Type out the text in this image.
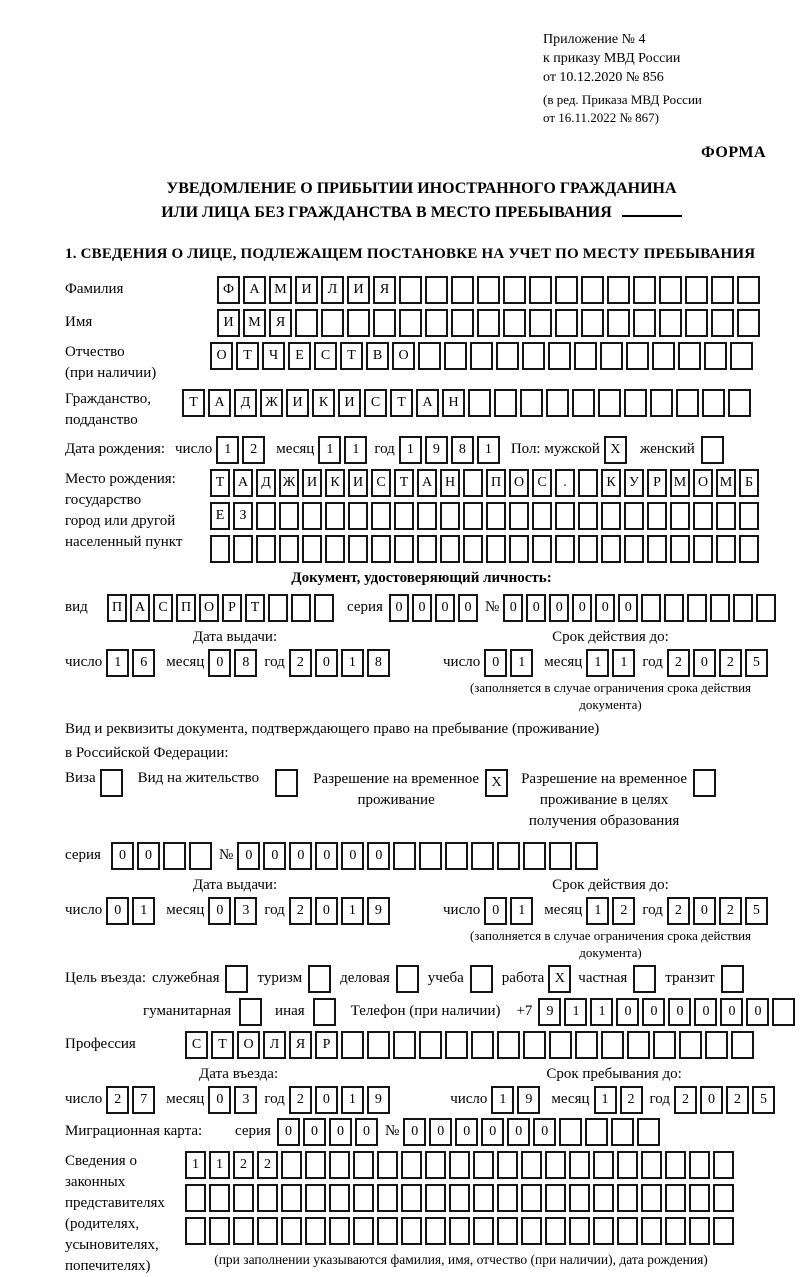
Приложение № 4
к приказу МВД России
от 10.12.2020 № 856
(в ред. Приказа МВД России
от 16.11.2022 № 867)
ФОРМА
УВЕДОМЛЕНИЕ О ПРИБЫТИИ ИНОСТРАННОГО ГРАЖДАНИНА
ИЛИ ЛИЦА БЕЗ ГРАЖДАНСТВА В МЕСТО ПРЕБЫВАНИЯ
1. СВЕДЕНИЯ О ЛИЦЕ, ПОДЛЕЖАЩЕМ ПОСТАНОВКЕ НА УЧЕТ ПО МЕСТУ ПРЕБЫВАНИЯ
Фамилия	Ф	А	М	И	Л	И	Я
Имя	И	М	Я
Отчество
(при наличии)
О	Т	Ч	Е	С	Т	В	О
Гражданство,
подданство
Т	А	Д	Ж	И	К	И	С	Т	А	Н
Дата рождения: число 1	2	месяц 1	1	год 1	9	8	1	Пол: мужской X	женский
Место рождения:
государство
город или другой
населенный пункт
Т А Д Ж И К И С	Т А Н	П О С	.	К У	Р М О М Б
Е	З
Документ, удостоверяющий личность:
вид	П А С П О	Р	Т	серия 0	0	0	0 № 0	0	0	0	0	0
Дата выдачи:
число 1	6	месяц 0	8	год 2	0	1	8
Срок действия до:
число 0	1	месяц 1	1	год 2	0	2	5
(заполняется в случае ограничения срока действия документа)
Вид и реквизиты документа, подтверждающего право на пребывание (проживание)
в Российской Федерации:
Виза	Вид на жительство	Разрешение на временное
проживание
X	Разрешение на временное
проживание в целях
получения образования
серия	0	0	№ 0	0	0	0	0	0
Дата выдачи:
число 0	1	месяц 0	3	год 2	0	1	9
Срок действия до:
число 0	1	месяц 1	2	год 2	0	2	5
(заполняется в случае ограничения срока действия документа)
Цель въезда: служебная	туризм	деловая	учеба	работа X частная	транзит
гуманитарная	иная	Телефон (при наличии) +7	9	1	1	0	0	0	0	0	0
Профессия	С	Т	О	Л	Я	Р
Дата въезда:
число 2	7	месяц 0	3	год 2	0	1	9
Срок пребывания до:
число 1	9	месяц 1	2	год 2	0	2	5
Миграционная карта:	серия	0	0	0	0	№ 0	0	0	0	0	0
Сведения о
законных
представителях
(родителях,
усыновителях,
попечителях)
1	1	2	2
(при заполнении указываются фамилия, имя, отчество (при наличии), дата рождения)
